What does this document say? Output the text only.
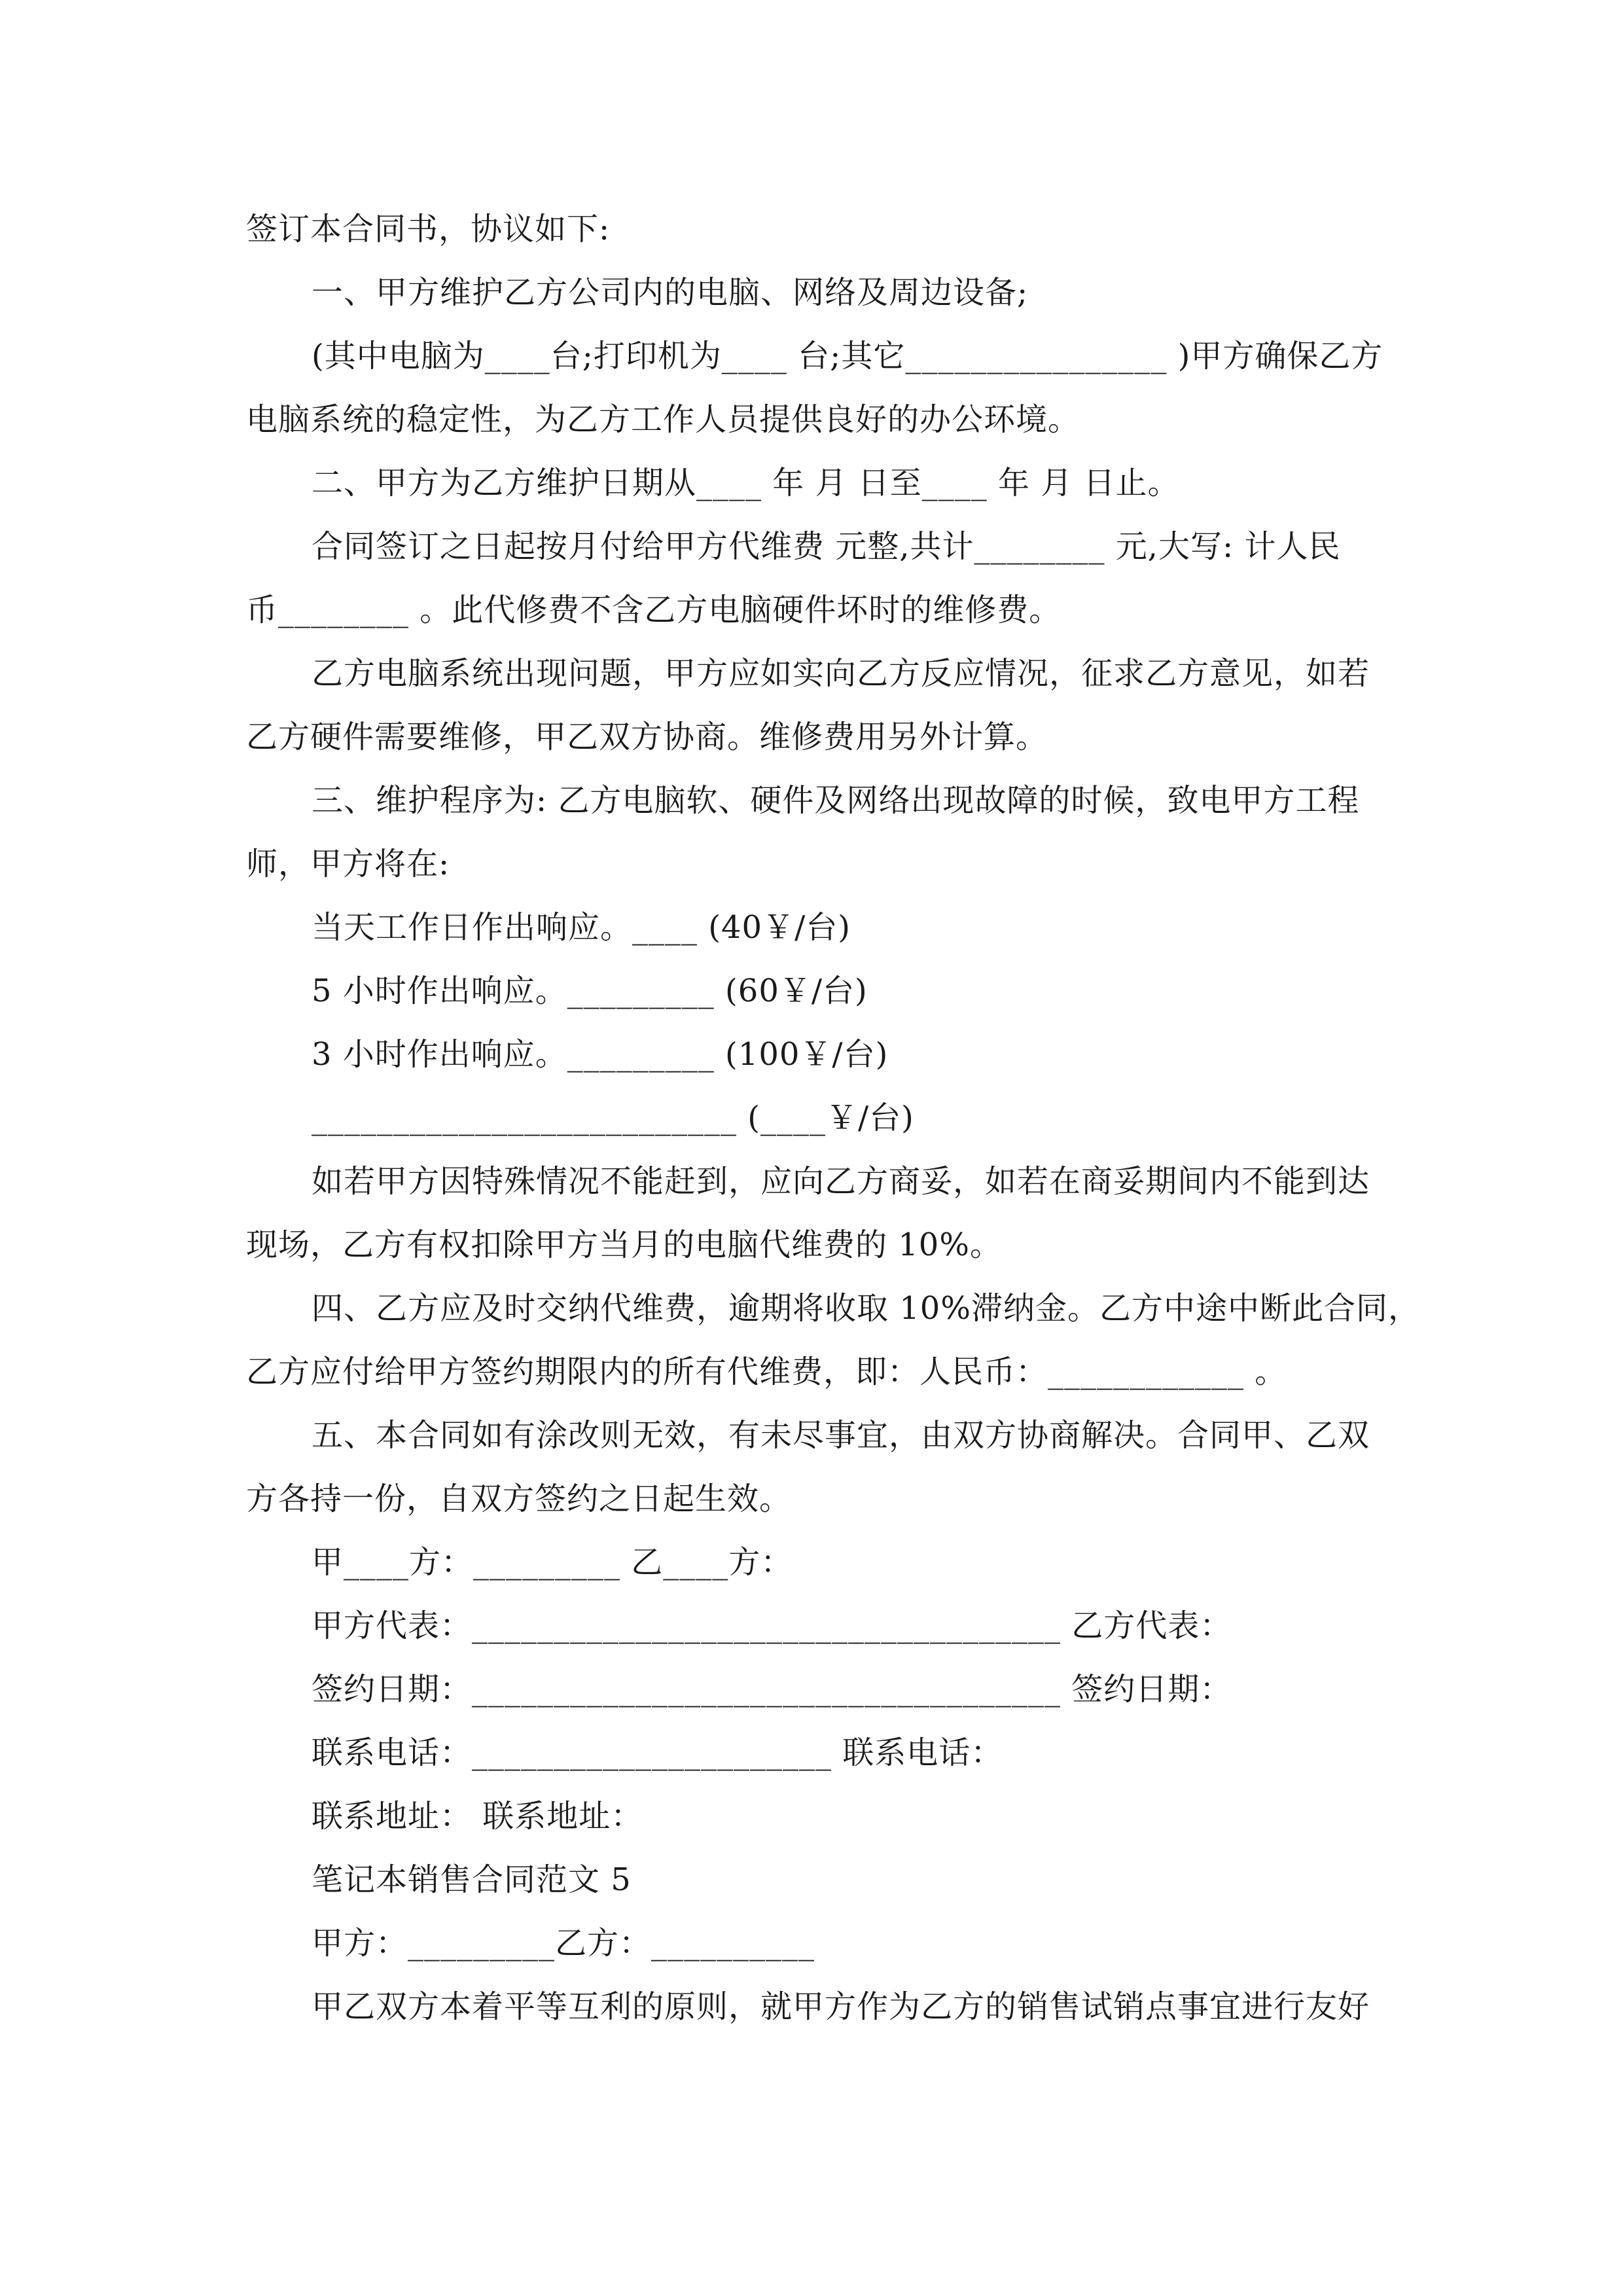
签订本合同书，协议如下:
一、甲方维护乙方公司内的电脑、网络及周边设备;
(其中电脑为____台;打印机为____ 台;其它________________ )甲方确保乙方
电脑系统的稳定性，为乙方工作人员提供良好的办公环境。
二、甲方为乙方维护日期从____ 年 月 日至____ 年 月 日止。
合同签订之日起按月付给甲方代维费 元整,共计________ 元,大写: 计人民
币________ 。此代修费不含乙方电脑硬件坏时的维修费。
乙方电脑系统出现问题，甲方应如实向乙方反应情况，征求乙方意见，如若
乙方硬件需要维修，甲乙双方协商。维修费用另外计算。
三、维护程序为: 乙方电脑软、硬件及网络出现故障的时候，致电甲方工程
师，甲方将在:
当天工作日作出响应。____ (40￥/台)
5 小时作出响应。_________ (60￥/台)
3 小时作出响应。_________ (100￥/台)
__________________________ (____￥/台)
如若甲方因特殊情况不能赶到，应向乙方商妥，如若在商妥期间内不能到达
现场，乙方有权扣除甲方当月的电脑代维费的 10%。
四、乙方应及时交纳代维费，逾期将收取 10%滞纳金。乙方中途中断此合同，
乙方应付给甲方签约期限内的所有代维费，即：人民币：____________ 。
五、本合同如有涂改则无效，有未尽事宜，由双方协商解决。合同甲、乙双
方各持一份，自双方签约之日起生效。
甲____方：_________ 乙____方：
甲方代表：____________________________________ 乙方代表：
签约日期：____________________________________ 签约日期：
联系电话：______________________ 联系电话：
联系地址： 联系地址：
笔记本销售合同范文 5
甲方：_________乙方：__________
甲乙双方本着平等互利的原则，就甲方作为乙方的销售试销点事宜进行友好
